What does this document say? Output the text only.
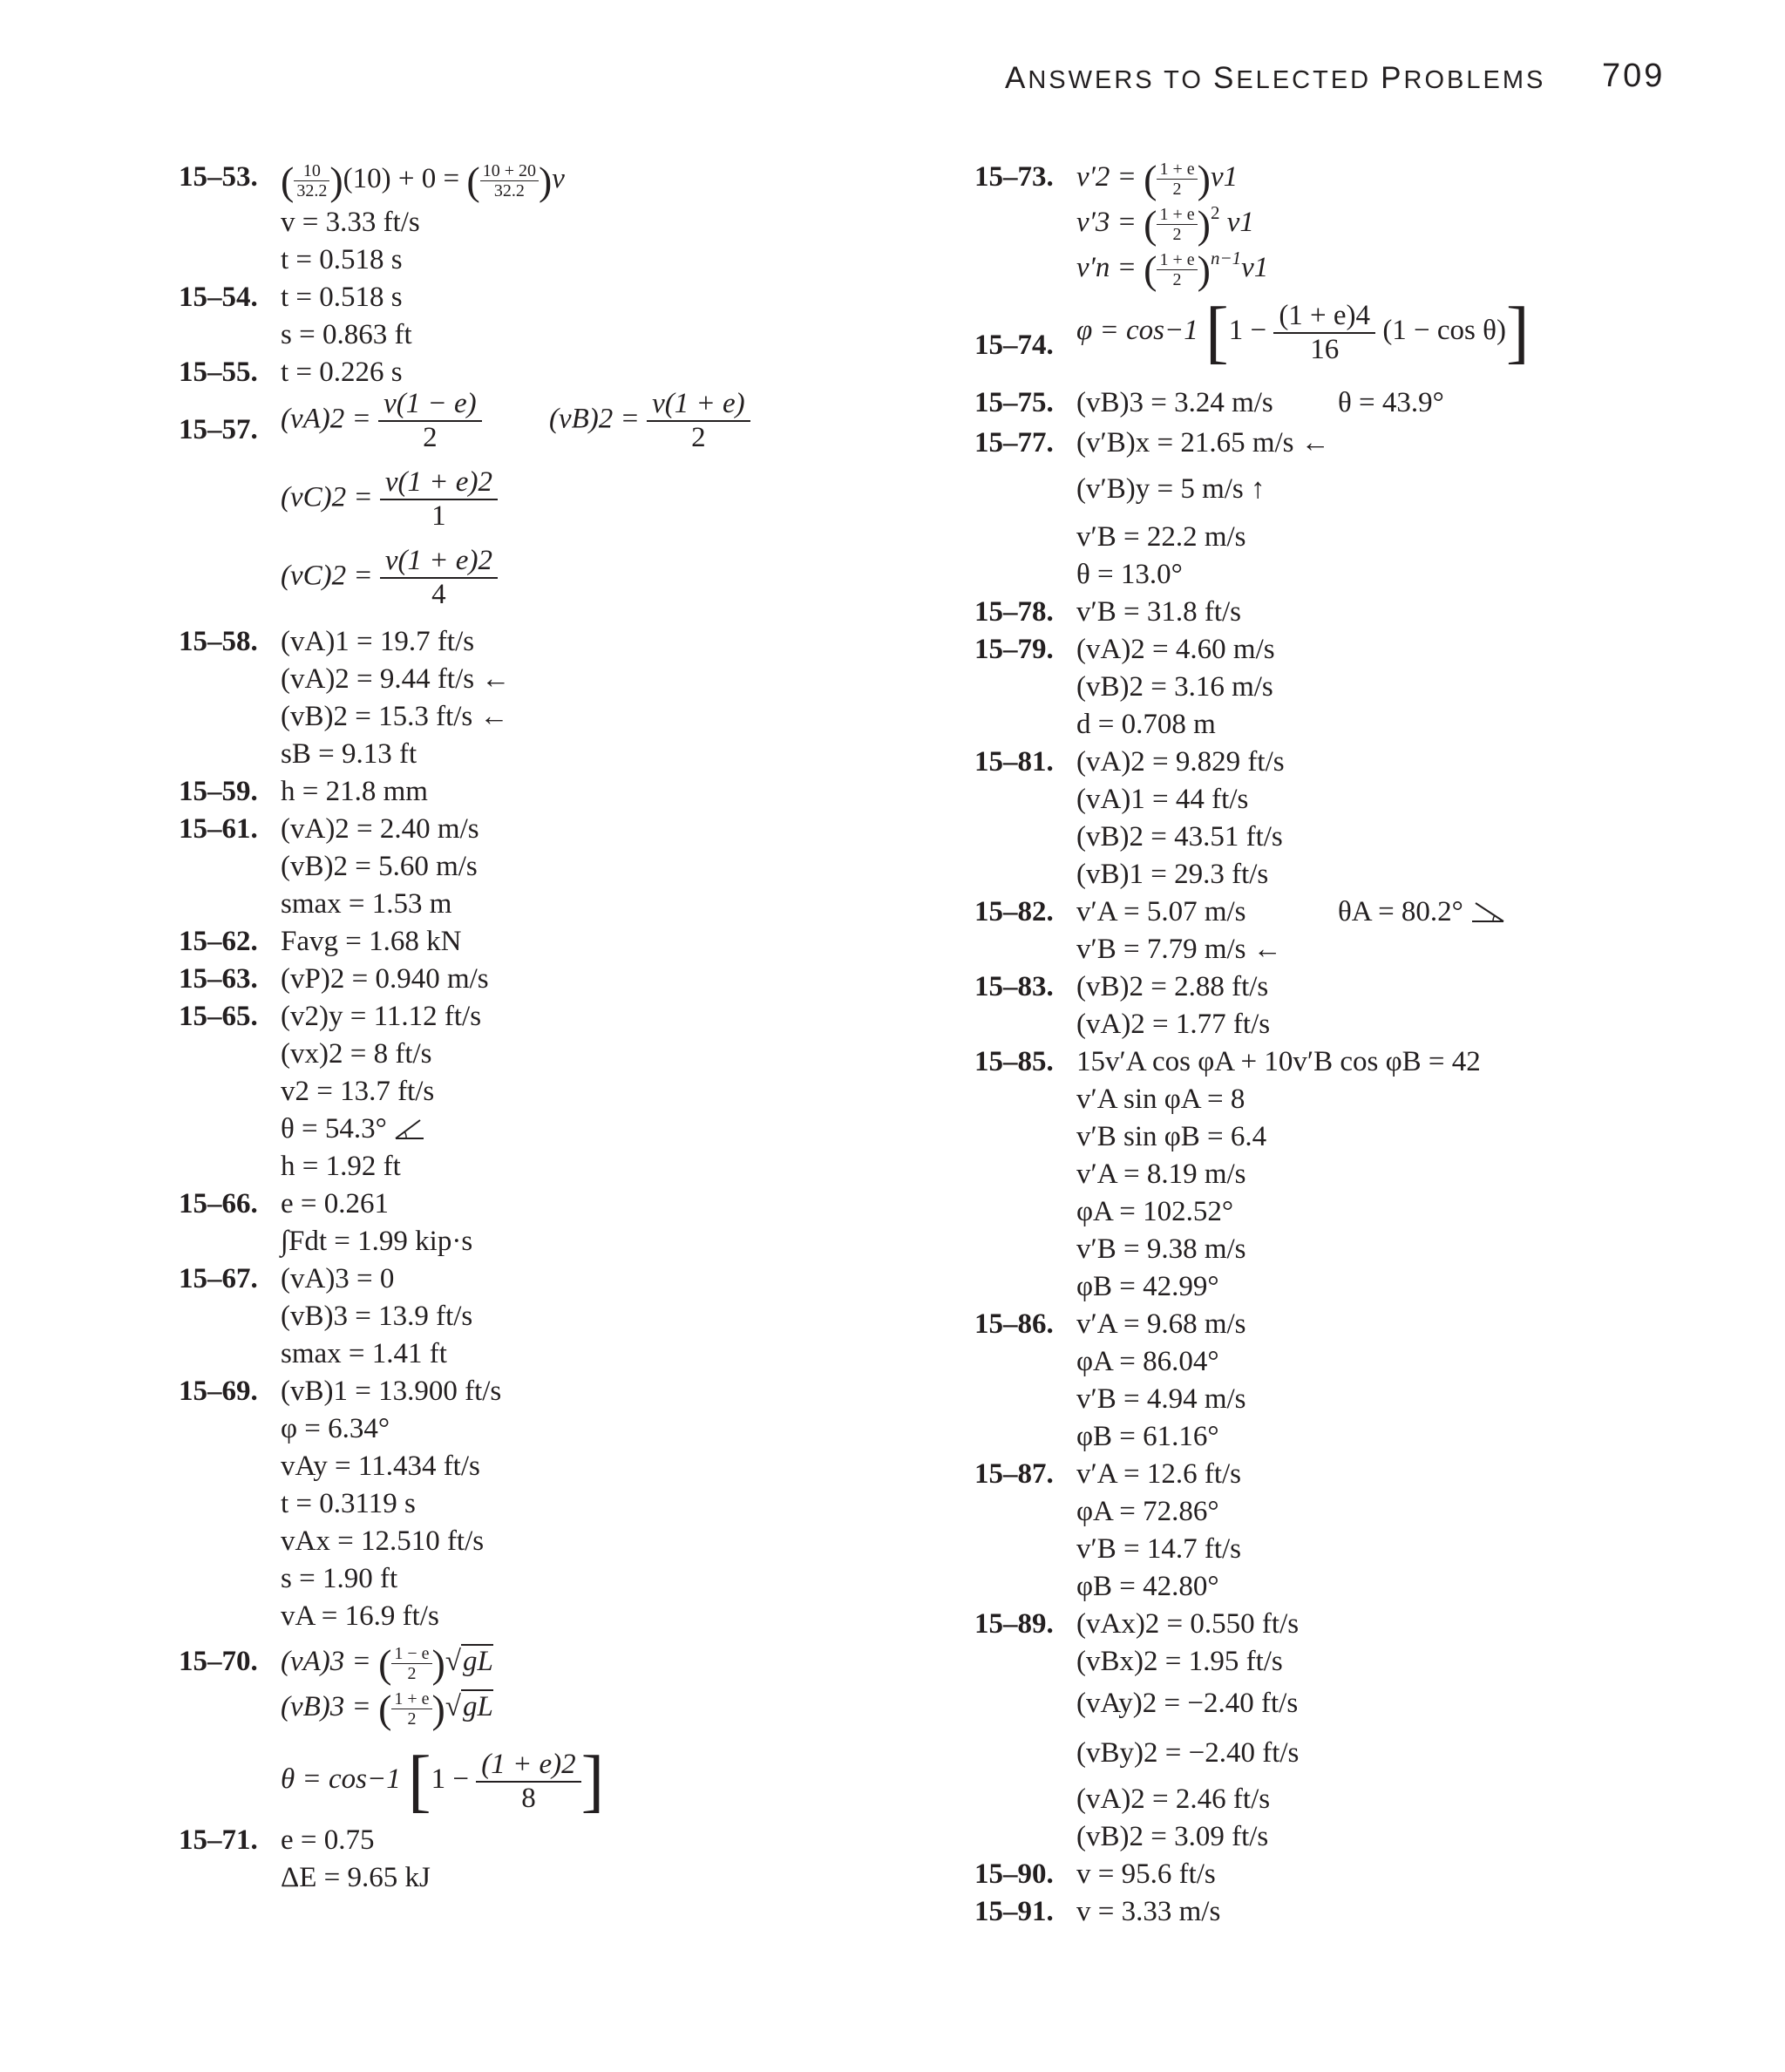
ANSWERS TO SELECTED PROBLEMS 709
15–53. ( $\frac{10}{32.2} )(10) + 0$ = ( $\frac{10 + 20}{32.2} )v$
v = 3.33 ft/s
t = 0.518 s
15–54. t = 0.518 s
s = 0.863 ft
15–55. t = 0.226 s
15–57. $(vA)2 = \frac{v(1 - e)}{2} (vB)2 = \frac{v(1 + e)}{2}$
$(vC)2 = \frac{v(1 + e)2}{1}$
$(vC)2 = \frac{v(1 + e)2}{4}$
15–58. (vA)1 = 19.7 ft/s
(vA)2 = 9.44 ft/s ←
(vB)2 = 15.3 ft/s ←
sB = 9.13 ft
15–59. h = 21.8 mm
15–61. (vA)2 = 2.40 m/s
(vB)2 = 5.60 m/s
smax = 1.53 m
15–62. Favg = 1.68 kN
15–63. (vP)2 = 0.940 m/s
15–65. (v2)y = 11.12 ft/s
(vx)2 = 8 ft/s
v2 = 13.7 ft/s
θ = 54.3°
h = 1.92 ft
15–66. e = 0.261
∫Fdt = 1.99 kip·s
15–67. (vA)3 = 0
(vB)3 = 13.9 ft/s
smax = 1.41 ft
15–69. (vB)1 = 13.900 ft/s
φ = 6.34°
vAy = 11.434 ft/s
t = 0.3119 s
vAx = 12.510 ft/s
s = 1.90 ft
vA = 16.9 ft/s
15–70. (vA)3 = ( $\frac{1 - e}{2} )√gL$
(vB)3 = ( $\frac{1 + e}{2} )√gL$
θ = cos−1 [$1 - \frac{(1 + e)2}{8}$ ]
15–71. e = 0.75
ΔE = 9.65 kJ
15–73. v′2 = ( $\frac{1 + e}{2} )v1$
v′3 = ( $\frac{1 + e}{2} )^2$ v1
v′n = ( $\frac{1 + e}{2} )^{n-1}v1$
15–74. φ = cos−1 $[1 - \frac{(1 + e)4}{16} (1 - \cos \theta)]$
15–75. (vB)3 = 3.24 m/s θ = 43.9°
15–77. (v′B)x = 21.65 m/s ←
(v′B)y = 5 m/s ↑
v′B = 22.2 m/s
θ = 13.0°
15–78. v′B = 31.8 ft/s
15–79. (vA)2 = 4.60 m/s
(vB)2 = 3.16 m/s
d = 0.708 m
15–81. (vA)2 = 9.829 ft/s
(vA)1 = 44 ft/s
(vB)2 = 43.51 ft/s
(vB)1 = 29.3 ft/s
15–82. v′A = 5.07 m/s	θA = 80.2°
v′B = 7.79 m/s ←
15–83. (vB)2 = 2.88 ft/s
(vA)2 = 1.77 ft/s
15–85. 15v′A cos φA + 10v′B cos φB = 42
v′A sin φA = 8
v′B sin φB = 6.4
v′A = 8.19 m/s
φA = 102.52°
v′B = 9.38 m/s
φB = 42.99°
15–86. v′A = 9.68 m/s
φA = 86.04°
v′B = 4.94 m/s
φB = 61.16°
15–87. v′A = 12.6 ft/s
φA = 72.86°
v′B = 14.7 ft/s
φB = 42.80°
15–89. (vAx)2 = 0.550 ft/s
(vBx)2 = 1.95 ft/s
(vAy)2 = −2.40 ft/s
(vBy)2 = −2.40 ft/s
(vA)2 = 2.46 ft/s
(vB)2 = 3.09 ft/s
15–90. v = 95.6 ft/s
15–91. v = 3.33 m/s
